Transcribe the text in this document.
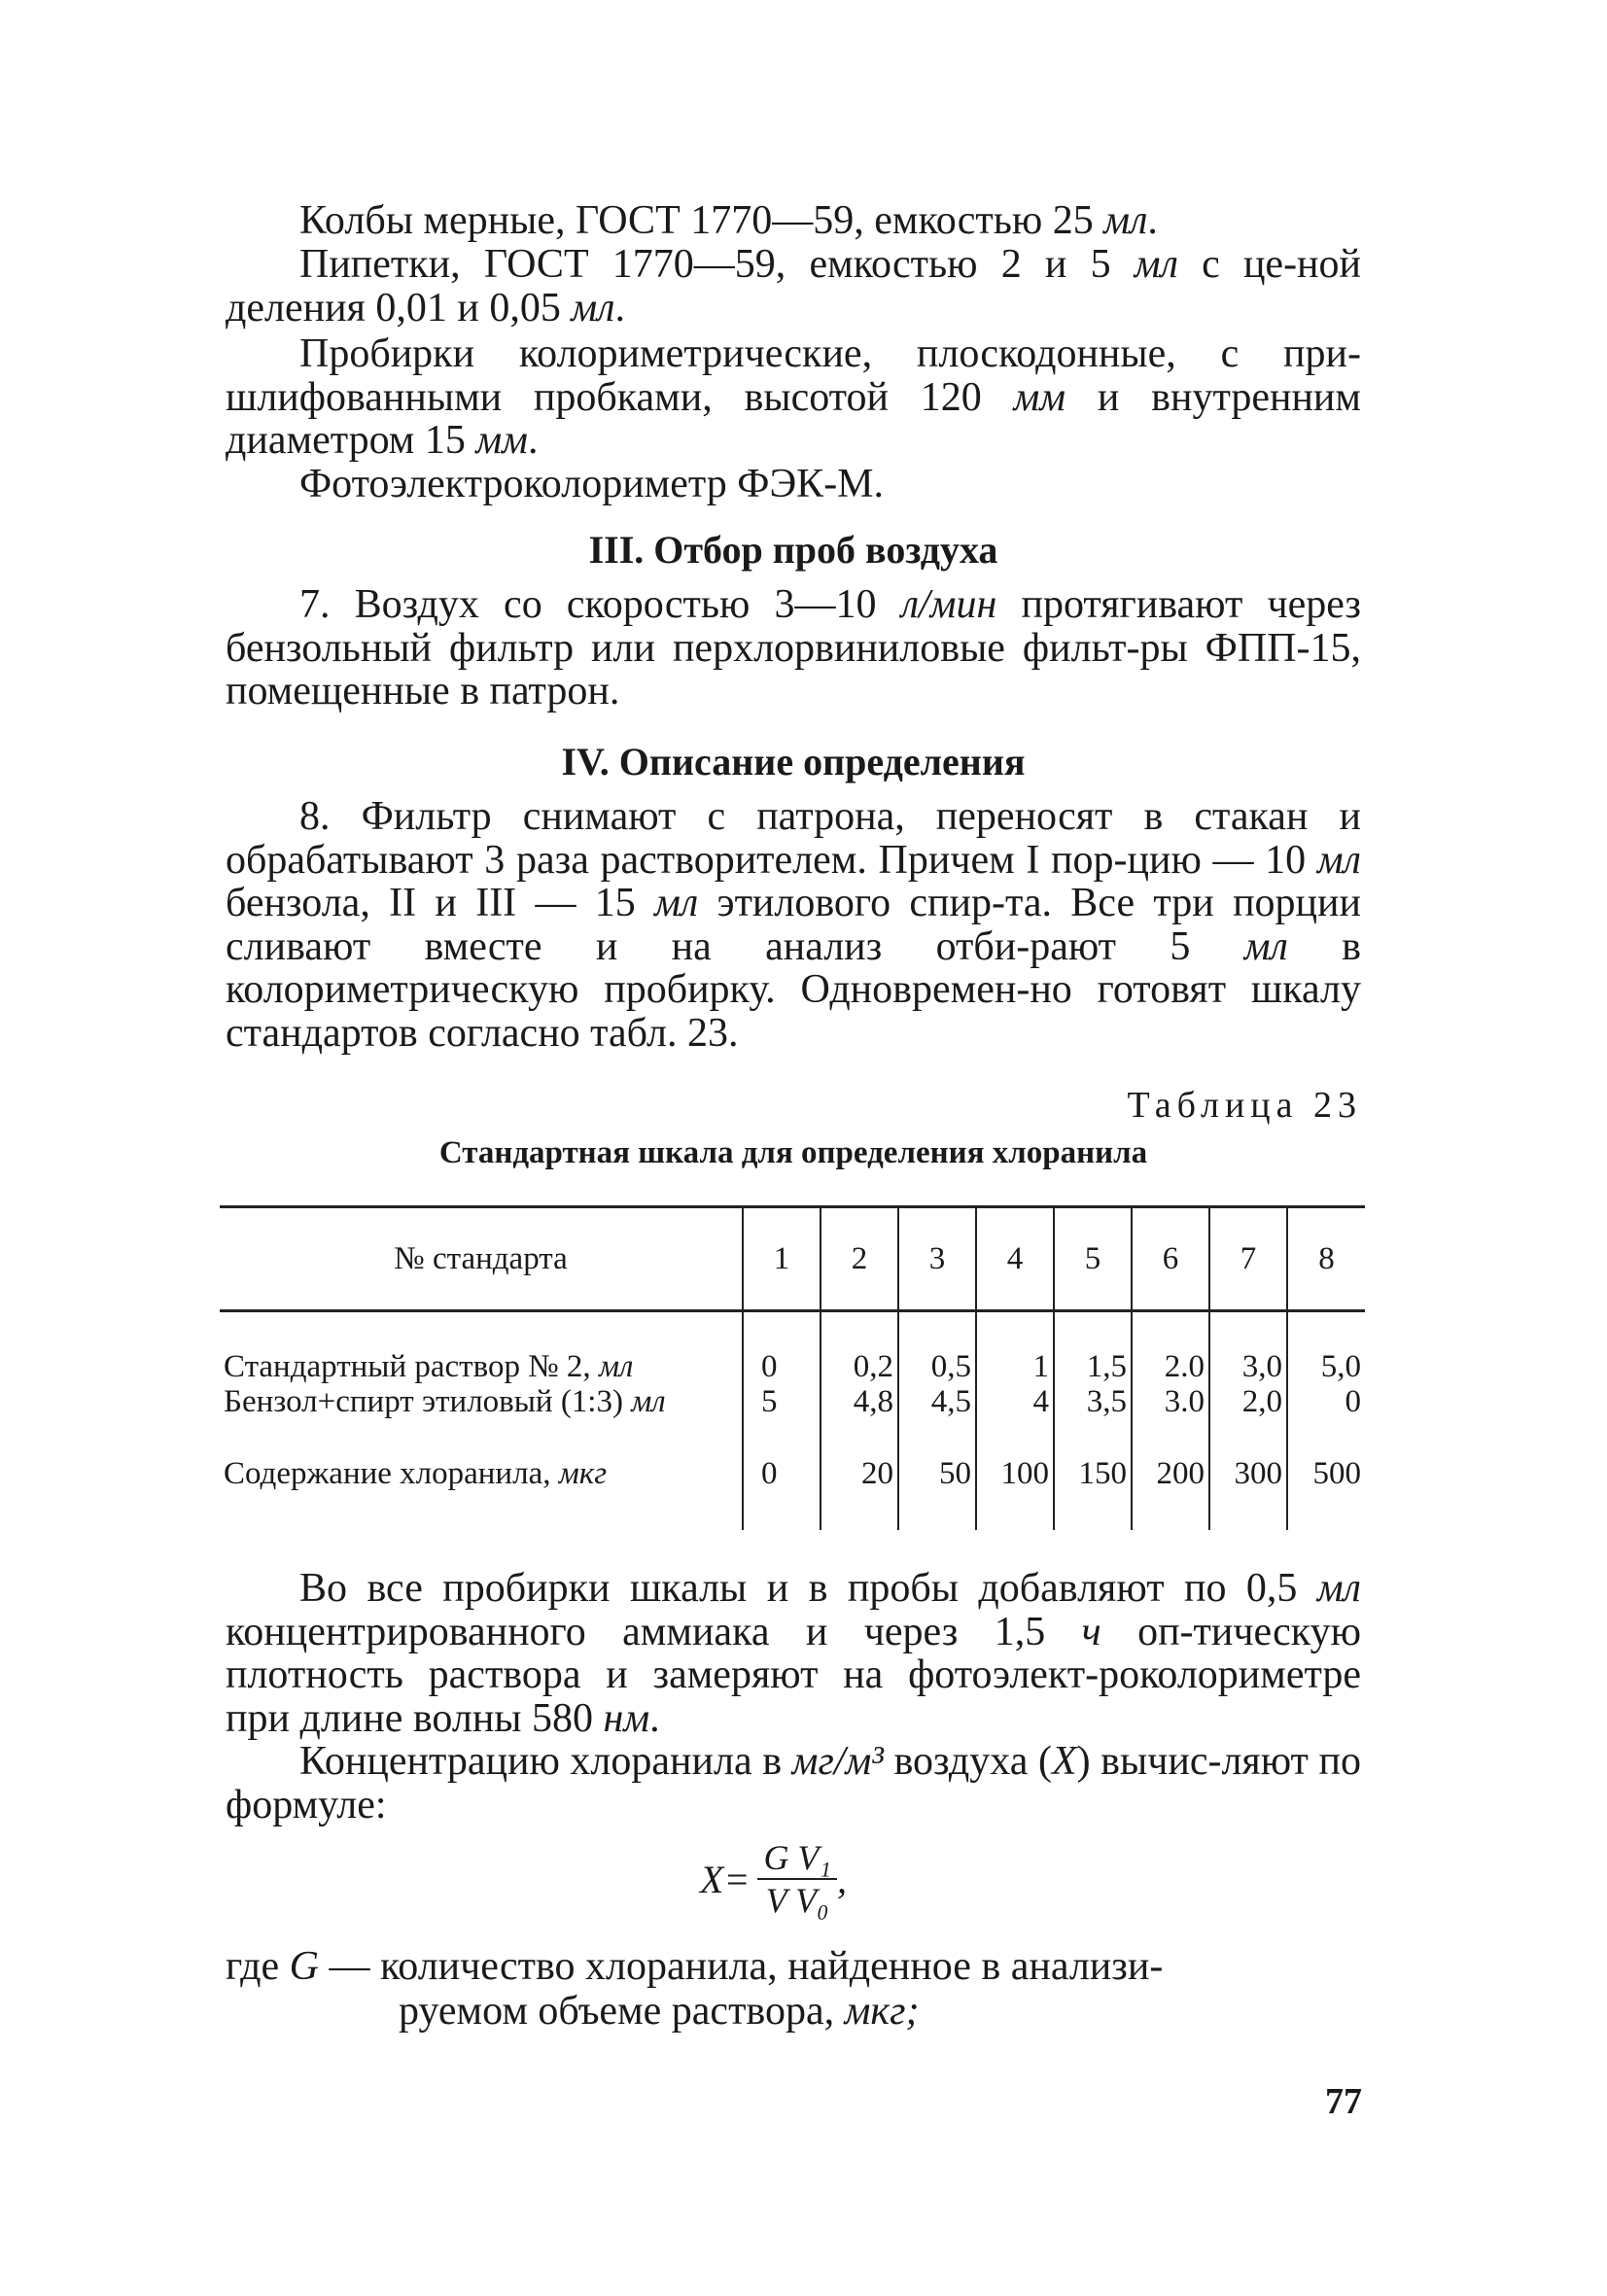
Колбы мерные, ГОСТ 1770—59, емкостью 25 мл.

Пипетки, ГОСТ 1770—59, емкостью 2 и 5 мл с це-ной деления 0,01 и 0,05 мл.

Пробирки колориметрические, плоскодонные, с при-шлифованными пробками, высотой 120 мм и внутренним диаметром 15 мм.

Фотоэлектроколориметр ФЭК-М.

III. Отбор проб воздуха

7. Воздух со скоростью 3—10 л/мин протягивают через бензольный фильтр или перхлорвиниловые фильт-ры ФПП-15, помещенные в патрон.

IV. Описание определения

8. Фильтр снимают с патрона, переносят в стакан и обрабатывают 3 раза растворителем. Причем I пор-цию — 10 мл бензола, II и III — 15 мл этилового спир-та. Все три порции сливают вместе и на анализ отби-рают 5 мл в колориметрическую пробирку. Одновремен-но готовят шкалу стандартов согласно табл. 23.

Таблица 23

Стандартная шкала для определения хлоранила

№ стандарта	1	2	3	4	5	6	7	8
Стандартный раствор № 2, мл	0	0,2	0,5	1	1,5	2.0	3,0	5,0
Бензол+спирт этиловый (1:3) мл	5	4,8	4,5	4	3,5	3.0	2,0	0
Содержание хлоранила, мкг	0	20	50	100	150	200	300	500

Во все пробирки шкалы и в пробы добавляют по 0,5 мл концентрированного аммиака и через 1,5 ч оп-тическую плотность раствора и замеряют на фотоэлект-роколориметре при длине волны 580 нм.

Концентрацию хлоранила в мг/м³ воздуха (X) вычис-ляют по формуле:

$X= \frac{\text{G V₁}}{\text{V V₀}}$ ,

где G — количество хлоранила, найденное в анализи-
руемом объеме раствора, мкг;

77
